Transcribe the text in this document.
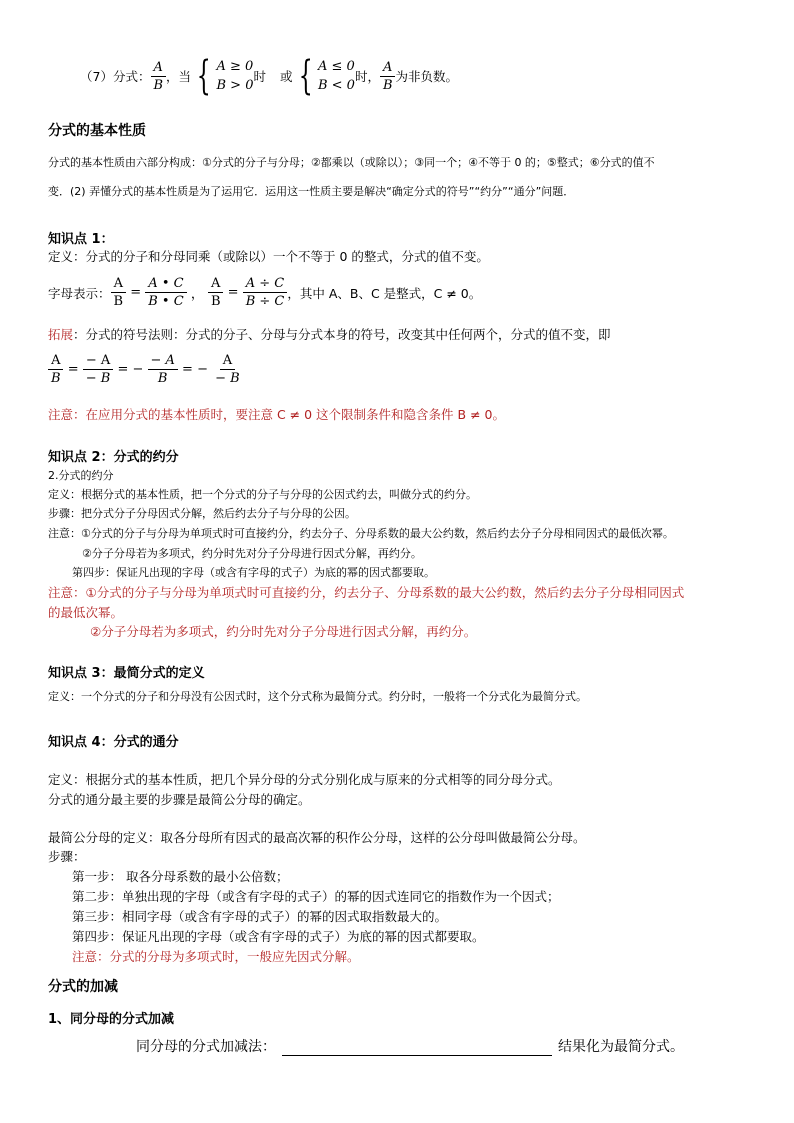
（7）分式： $\frac{A}{B}$ ，当 { A ≥ 0
B > 0
时 或 { A ≤ 0
B < 0
时， $\frac{A}{B}$ 为非负数。
分式的基本性质
分式的基本性质由六部分构成：①分式的分子与分母；②都乘以（或除以）；③同一个；④不等于 0 的；⑤整式；⑥分式的值不
变．(2) 弄懂分式的基本性质是为了运用它．运用这一性质主要是解决“确定分式的符号”“约分”“通分”问题．
知识点 1：
定义：分式的分子和分母同乘（或除以）一个不等于 0 的整式，分式的值不变。
字母表示： $\frac{A}{B} = \frac{A • C}{B • C}$ ， $\frac{A}{B} = \frac{A \div C}{B \div C}$ ，其中 A、B、C 是整式，C ≠ 0。
拓展：分式的符号法则：分式的分子、分母与分式本身的符号，改变其中任何两个，分式的值不变，即
$\frac{A}{B} = \frac{- A}{- B}$ = − $\frac{- A}{B}$ = − $\frac{A}{- B}$
注意：在应用分式的基本性质时，要注意 C ≠ 0 这个限制条件和隐含条件 B ≠ 0。
知识点 2：分式的约分
2.分式的约分
定义：根据分式的基本性质，把一个分式的分子与分母的公因式约去，叫做分式的约分。
步骤：把分式分子分母因式分解，然后约去分子与分母的公因。
注意：①分式的分子与分母为单项式时可直接约分，约去分子、分母系数的最大公约数，然后约去分子分母相同因式的最低次幂。
②分子分母若为多项式，约分时先对分子分母进行因式分解，再约分。
第四步：保证凡出现的字母（或含有字母的式子）为底的幂的因式都要取。
注意：①分式的分子与分母为单项式时可直接约分，约去分子、分母系数的最大公约数，然后约去分子分母相同因式
的最低次幂。
②分子分母若为多项式，约分时先对分子分母进行因式分解，再约分。
知识点 3：最简分式的定义
定义：一个分式的分子和分母没有公因式时，这个分式称为最简分式。约分时，一般将一个分式化为最简分式。
知识点 4：分式的通分
定义：根据分式的基本性质，把几个异分母的分式分别化成与原来的分式相等的同分母分式。
分式的通分最主要的步骤是最简公分母的确定。
最简公分母的定义：取各分母所有因式的最高次幂的积作公分母，这样的公分母叫做最简公分母。
步骤：
第一步： 取各分母系数的最小公倍数；
第二步：单独出现的字母（或含有字母的式子）的幂的因式连同它的指数作为一个因式；
第三步：相同字母（或含有字母的式子）的幂的因式取指数最大的。
第四步：保证凡出现的字母（或含有字母的式子）为底的幂的因式都要取。
注意：分式的分母为多项式时，一般应先因式分解。
分式的加减
1、同分母的分式加减
同分母的分式加减法：	结果化为最简分式。
